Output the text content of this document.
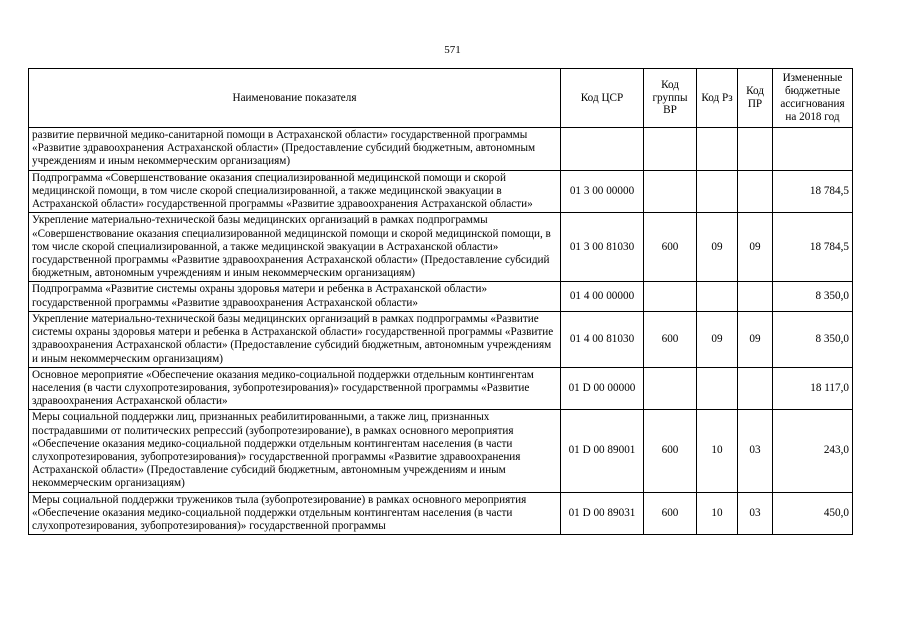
571
Наименование показателя	Код ЦСР	Код группы ВР	Код Рз	Код ПР	Измененные бюджетные ассигнования на 2018 год
развитие первичной медико-санитарной помощи в Астраханской области» государственной программы «Развитие здравоохранения Астраханской области» (Предоставление субсидий бюджетным, автономным учреждениям и иным некоммерческим организациям)					
Подпрограмма «Совершенствование оказания специализированной медицинской помощи и скорой медицинской помощи, в том числе скорой специализированной, а также медицинской эвакуации в Астраханской области» государственной программы «Развитие здравоохранения Астраханской области»	01 3 00 00000				18 784,5
Укрепление материально-технической базы медицинских организаций в рамках подпрограммы «Совершенствование оказания специализированной медицинской помощи и скорой медицинской помощи, в том числе скорой специализированной, а также медицинской эвакуации в Астраханской области» государственной программы «Развитие здравоохранения Астраханской области» (Предоставление субсидий бюджетным, автономным учреждениям и иным некоммерческим организациям)	01 3 00 81030	600	09	09	18 784,5
Подпрограмма «Развитие системы охраны здоровья матери и ребенка в Астраханской области» государственной программы «Развитие здравоохранения Астраханской области»	01 4 00 00000				8 350,0
Укрепление материально-технической базы медицинских организаций в рамках подпрограммы «Развитие системы охраны здоровья матери и ребенка в Астраханской области» государственной программы «Развитие здравоохранения Астраханской области» (Предоставление субсидий бюджетным, автономным учреждениям и иным некоммерческим организациям)	01 4 00 81030	600	09	09	8 350,0
Основное мероприятие «Обеспечение оказания медико-социальной поддержки отдельным контингентам населения (в части слухопротезирования, зубопротезирования)» государственной программы «Развитие здравоохранения Астраханской области»	01 D 00 00000				18 117,0
Меры социальной поддержки лиц, признанных реабилитированными, а также лиц, признанных пострадавшими от политических репрессий (зубопротезирование), в рамках основного мероприятия «Обеспечение оказания медико-социальной поддержки отдельным контингентам населения (в части слухопротезирования, зубопротезирования)» государственной программы «Развитие здравоохранения Астраханской области» (Предоставление субсидий бюджетным, автономным учреждениям и иным некоммерческим организациям)	01 D 00 89001	600	10	03	243,0
Меры социальной поддержки тружеников тыла (зубопротезирование) в рамках основного мероприятия «Обеспечение оказания медико-социальной поддержки отдельным контингентам населения (в части слухопротезирования, зубопротезирования)» государственной программы	01 D 00 89031	600	10	03	450,0
